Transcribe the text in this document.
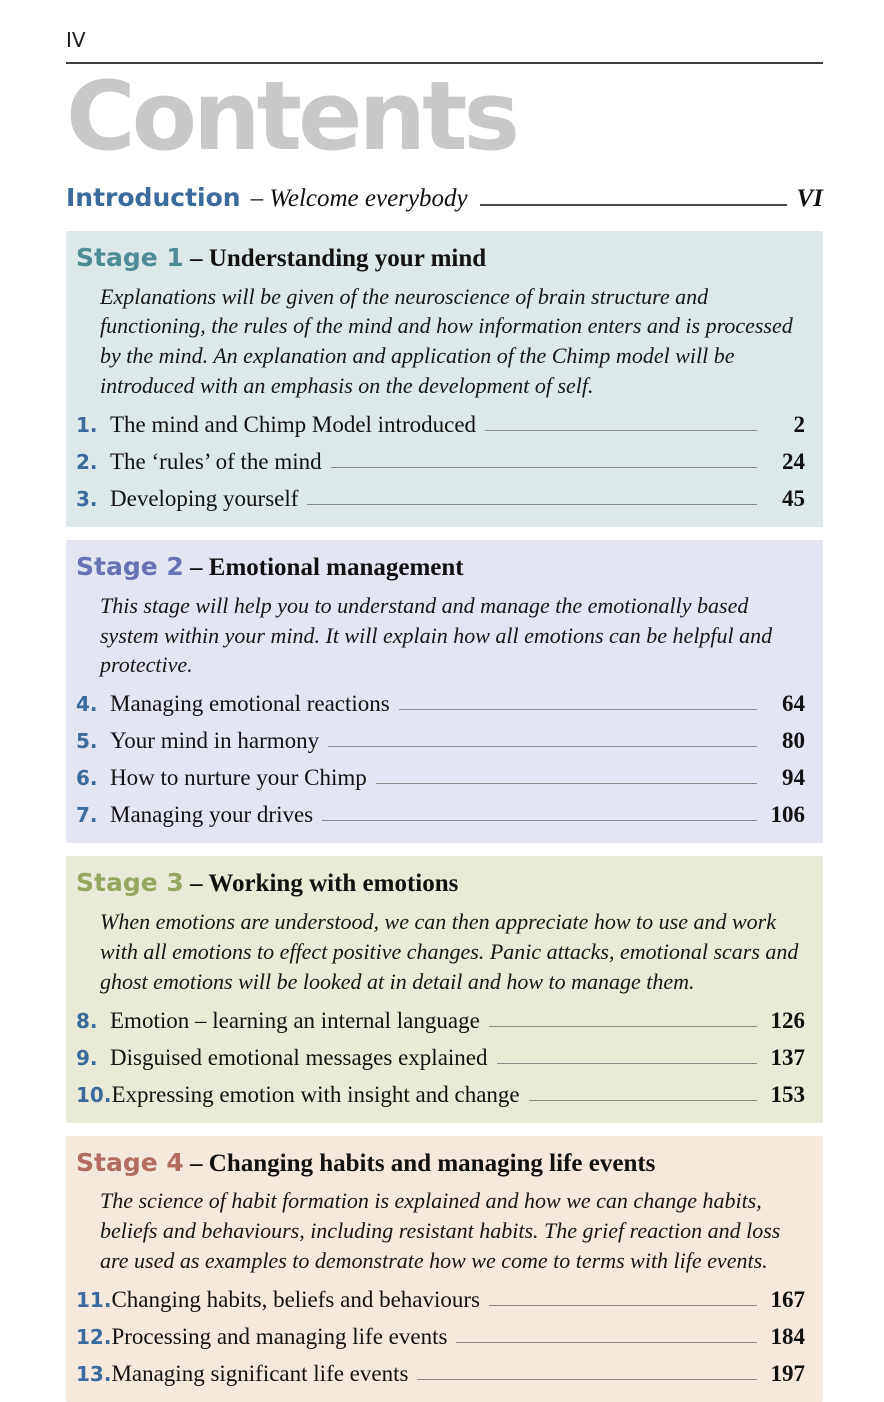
IV
Contents
Introduction – Welcome everybody	VI
Stage 1 – Understanding your mind

Explanations will be given of the neuroscience of brain structure and functioning, the rules of the mind and how information enters and is processed by the mind. An explanation and application of the Chimp model will be introduced with an emphasis on the development of self.

1. The mind and Chimp Model introduced	2
2. The ‘rules’ of the mind	24
3. Developing yourself	45
Stage 2 – Emotional management

This stage will help you to understand and manage the emotionally based system within your mind. It will explain how all emotions can be helpful and protective.

4. Managing emotional reactions	64
5. Your mind in harmony	80
6. How to nurture your Chimp	94
7. Managing your drives	106
Stage 3 – Working with emotions

When emotions are understood, we can then appreciate how to use and work with all emotions to effect positive changes. Panic attacks, emotional scars and ghost emotions will be looked at in detail and how to manage them.

8. Emotion – learning an internal language	126
9. Disguised emotional messages explained	137
10. Expressing emotion with insight and change	153
Stage 4 – Changing habits and managing life events

The science of habit formation is explained and how we can change habits, beliefs and behaviours, including resistant habits. The grief reaction and loss are used as examples to demonstrate how we come to terms with life events.

11. Changing habits, beliefs and behaviours	167
12. Processing and managing life events	184
13. Managing significant life events	197
